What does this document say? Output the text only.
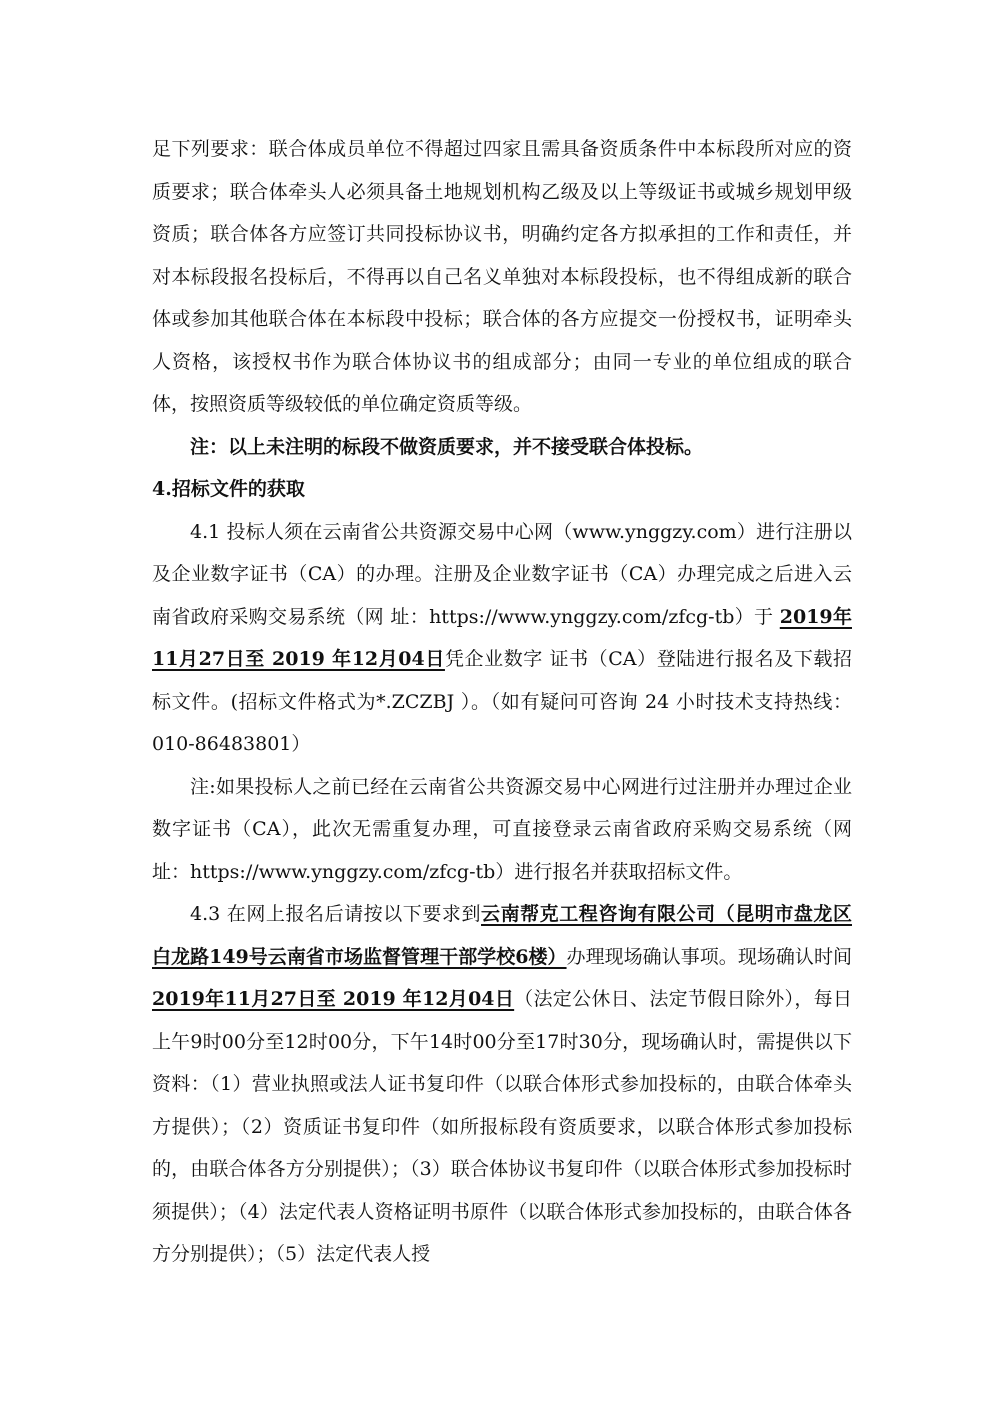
足下列要求：联合体成员单位不得超过四家且需具备资质条件中本标段所对应的资质要求；联合体牵头人必须具备土地规划机构乙级及以上等级证书或城乡规划甲级资质；联合体各方应签订共同投标协议书，明确约定各方拟承担的工作和责任，并对本标段报名投标后，不得再以自己名义单独对本标段投标，也不得组成新的联合体或参加其他联合体在本标段中投标；联合体的各方应提交一份授权书，证明牵头人资格，该授权书作为联合体协议书的组成部分；由同一专业的单位组成的联合体，按照资质等级较低的单位确定资质等级。

注：以上未注明的标段不做资质要求，并不接受联合体投标。

4.招标文件的获取

4.1 投标人须在云南省公共资源交易中心网（www.ynggzy.com）进行注册以及企业数字证书（CA）的办理。注册及企业数字证书（CA）办理完成之后进入云南省政府采购交易系统（网 址：https://www.ynggzy.com/zfcg-tb）于 2019年11月27日至 2019 年12月04日凭企业数字 证书（CA）登陆进行报名及下载招标文件。(招标文件格式为*.ZCZBJ ）。（如有疑问可咨询 24 小时技术支持热线：010-86483801）

注:如果投标人之前已经在云南省公共资源交易中心网进行过注册并办理过企业数字证书（CA），此次无需重复办理，可直接登录云南省政府采购交易系统（网址：https://www.ynggzy.com/zfcg-tb）进行报名并获取招标文件。

4.3 在网上报名后请按以下要求到云南帮克工程咨询有限公司（昆明市盘龙区白龙路149号云南省市场监督管理干部学校6楼）办理现场确认事项。现场确认时间2019年11月27日至 2019 年12月04日（法定公休日、法定节假日除外），每日上午9时00分至12时00分，下午14时00分至17时30分，现场确认时，需提供以下资料：（1）营业执照或法人证书复印件（以联合体形式参加投标的，由联合体牵头方提供）；（2）资质证书复印件（如所报标段有资质要求，以联合体形式参加投标的，由联合体各方分别提供）；（3）联合体协议书复印件（以联合体形式参加投标时须提供）；（4）法定代表人资格证明书原件（以联合体形式参加投标的，由联合体各方分别提供）；（5）法定代表人授
